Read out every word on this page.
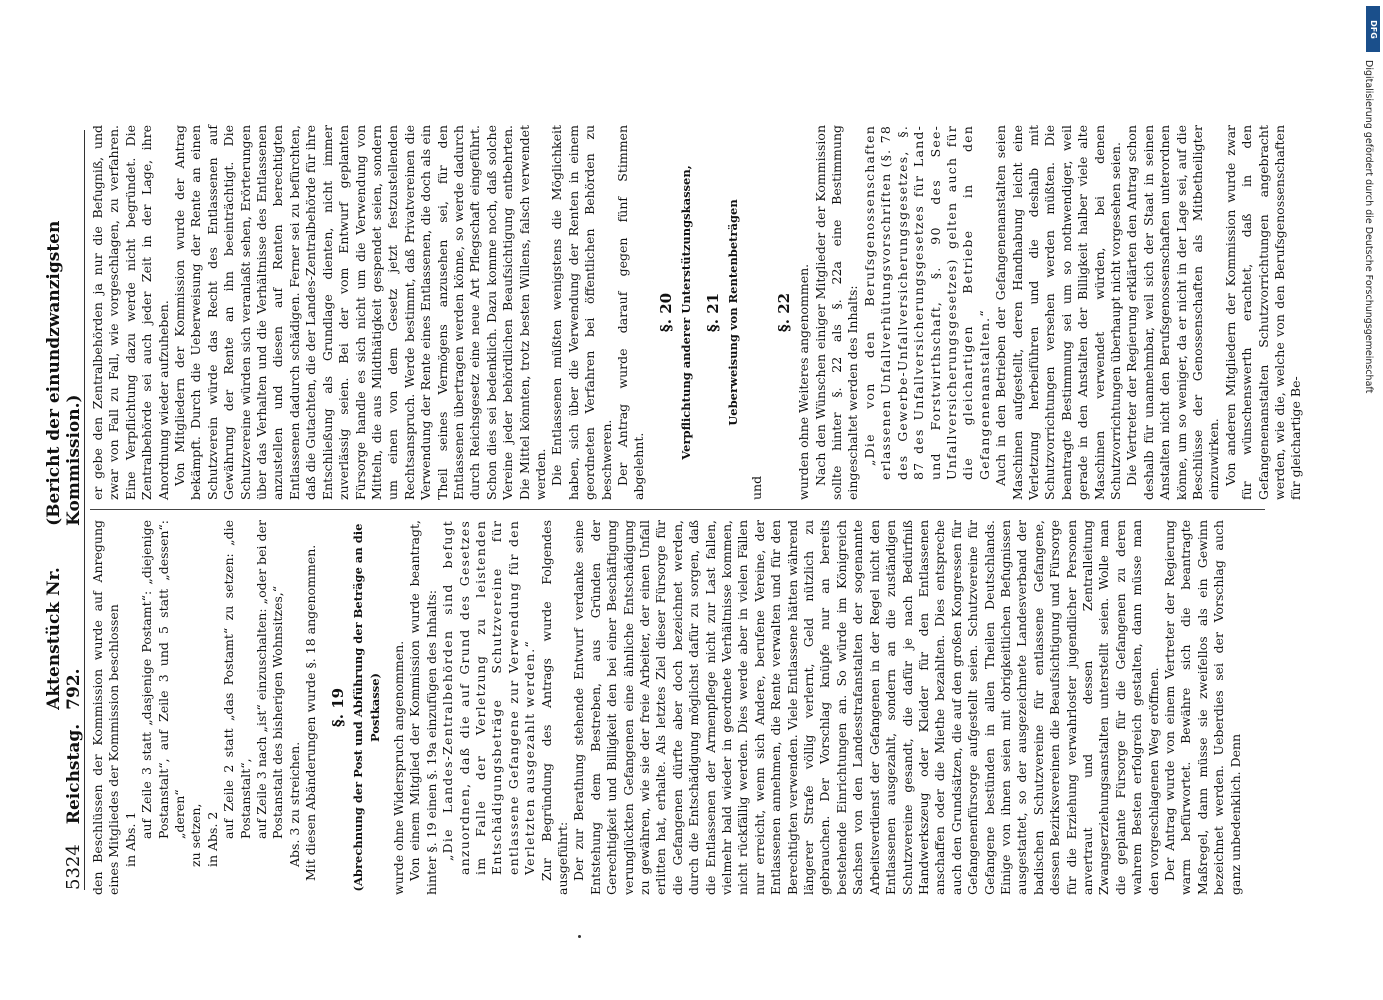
DFG
Digitalisierung gefördert durch die Deutsche Forschungsgemeinschaft
5324
Reichstag.
Aktenstück Nr. 792.
(Bericht der einundzwanzigsten Kommission.)

den Beschlüssen der Kommission wurde auf Anregung eines Mitgliedes der Kommission beschlossen in Abs. 1

auf Zeile 3 statt „dasjenige Postamt“: „diejenige Postanstalt“, auf Zeile 3 und 5 statt „dessen“: „deren“ zu setzen, in Abs. 2

auf Zeile 2 statt „das Postamt“ zu setzen: „die Postanstalt“, auf Zeile 3 nach „ist“ einzuschalten: „oder bei der Postanstalt des bisherigen Wohnsitzes,“ Abs. 3 zu streichen. Mit diesen Abänderungen wurde §. 18 angenommen. §. 19 (Abrechnung der Post und Abführung der Beträge an die Postkasse) wurde ohne Widerspruch angenommen. Von einem Mitglied der Kommission wurde beantragt, hinter §. 19 einen §. 19a einzufügen des Inhalts: „Die Landes-Zentralbehörden sind befugt anzuordnen, daß die auf Grund des Gesetzes im Falle der Verletzung zu leistenden Entschädigungsbeträge Schutzvereine für entlassene Gefangene zur Verwendung für den Verletzten ausgezahlt werden.“ Zur Begründung des Antrags wurde Folgendes ausgeführt: Der zur Berathung stehende Entwurf verdanke seine Entstehung dem Bestreben, aus Gründen der Gerechtigkeit und Billigkeit den bei einer Beschäftigung verunglückten Gefangenen eine ähnliche Entschädigung zu gewähren, wie sie der freie Arbeiter, der einen Unfall erlitten hat, erhalte. Als letztes Ziel dieser Fürsorge für die Gefangenen dürfte aber doch bezeichnet werden, durch die Entschädigung möglichst dafür zu sorgen, daß die Entlassenen der Armenpflege nicht zur Last fallen, vielmehr bald wieder in geordnete Verhältnisse kommen, nicht rückfällig werden. Dies werde aber in vielen Fällen nur erreicht, wenn sich Andere, berufene Vereine, der Entlassenen annehmen, die Rente verwalten und für den Berechtigten verwenden. Viele Entlassene hätten während längerer Strafe völlig verlernt, Geld nützlich zu gebrauchen. Der Vorschlag knüpfe nur an bereits bestehende Einrichtungen an. So würde im Königreich Sachsen von den Landesstrafanstalten der sogenannte Arbeitsverdienst der Gefangenen in der Regel nicht den Entlassenen ausgezahlt, sondern an die zuständigen Schutzvereine gesandt, die dafür je nach Bedürfniß Handwerkszeug oder Kleider für den Entlassenen anschaffen oder die Miethe bezahlten. Dies entspreche auch den Grundsätzen, die auf den großen Kongressen für Gefangenenfürsorge aufgestellt seien. Schutzvereine für Gefangene bestünden in allen Theilen Deutschlands. Einige von ihnen seien mit obrigkeitlichen Befugnissen ausgestattet, so der ausgezeichnete Landesverband der badischen Schutzvereine für entlassene Gefangene, dessen Bezirksvereinen die Beaufsichtigung und Fürsorge für die Erziehung verwahrloster jugendlicher Personen anvertraut und dessen Zentralleitung Zwangserziehungsanstalten unterstellt seien. Wolle man die geplante Fürsorge für die Gefangenen zu deren wahrem Besten erfolgreich gestalten, dann müsse man den vorgeschlagenen Weg eröffnen. Der Antrag wurde von einem Vertreter der Regierung warm befürwortet. Bewähre sich die beantragte Maßregel, dann müsse sie zweifellos als ein Gewinn bezeichnet werden. Ueberdies sei der Vorschlag auch ganz unbedenklich. Denn

er gebe den Zentralbehörden ja nur die Befugniß, und zwar von Fall zu Fall, wie vorgeschlagen, zu verfahren. Eine Verpflichtung dazu werde nicht begründet. Die Zentralbehörde sei auch jeder Zeit in der Lage, ihre Anordnung wieder aufzuheben. Von Mitgliedern der Kommission wurde der Antrag bekämpft. Durch die Ueberweisung der Rente an einen Schutzverein würde das Recht des Entlassenen auf Gewährung der Rente an ihn beeinträchtigt. Die Schutzvereine würden sich veranlaßt sehen, Erörterungen über das Verhalten und die Verhältnisse des Entlassenen anzustellen und diesen auf Renten berechtigten Entlassenen dadurch schädigen. Ferner sei zu befürchten, daß die Gutachten, die der Landes-Zentralbehörde für ihre Entschließung als Grundlage dienten, nicht immer zuverlässig seien. Bei der vom Entwurf geplanten Fürsorge handle es sich nicht um die Verwendung von Mitteln, die aus Mildthätigkeit gespendet seien, sondern um einen von dem Gesetz jetzt festzustellenden Rechtsanspruch. Werde bestimmt, daß Privatvereinen die Verwendung der Rente eines Entlassenen, die doch als ein Theil seines Vermögens anzusehen sei, für den Entlassenen übertragen werden könne, so werde dadurch durch Reichsgesetz eine neue Art Pflegschaft eingeführt. Schon dies sei bedenklich. Dazu komme noch, daß solche Vereine jeder behördlichen Beaufsichtigung entbehrten. Die Mittel könnten, trotz besten Willens, falsch verwendet werden. Die Entlassenen müßten wenigstens die Möglichkeit haben, sich über die Verwendung der Renten in einem geordneten Verfahren bei öffentlichen Behörden zu beschweren. Der Antrag wurde darauf gegen fünf Stimmen abgelehnt.

§. 20 Verpflichtung anderer Unterstützungskassen, §. 21 Ueberweisung von Rentenbeträgen

und

§. 22 wurden ohne Weiteres angenommen. Nach den Wünschen einiger Mitglieder der Kommission sollte hinter §. 22 als §. 22a eine Bestimmung eingeschaltet werden des Inhalts: „Die von den Berufsgenossenschaften erlassenen Unfallverhütungsvorschriften (§. 78 des Gewerbe-Unfallversicherungsgesetzes, §. 87 des Unfallversicherungsgesetzes für Land- und Forstwirthschaft, §. 90 des See-Unfallversicherungsgesetzes) gelten auch für die gleichartigen Betriebe in den Gefangenenanstalten.“ Auch in den Betrieben der Gefangenenanstalten seien Maschinen aufgestellt, deren Handhabung leicht eine Verletzung herbeiführen und die deshalb mit Schutzvorrichtungen versehen werden müßten. Die beantragte Bestimmung sei um so nothwendiger, weil gerade in den Anstalten der Billigkeit halber viele alte Maschinen verwendet würden, bei denen Schutzvorrichtungen überhaupt nicht vorgesehen seien. Die Vertreter der Regierung erklärten den Antrag schon deshalb für unannehmbar, weil sich der Staat in seinen Anstalten nicht den Berufsgenossenschaften unterordnen könne, um so weniger, da er nicht in der Lage sei, auf die Beschlüsse der Genossenschaften als Mitbetheiligter einzuwirken. Von anderen Mitgliedern der Kommission wurde zwar für wünschenswerth erachtet, daß in den Gefangenenanstalten Schutzvorrichtungen angebracht werden, wie die, welche von den Berufsgenossenschaften für gleichartige Be-
